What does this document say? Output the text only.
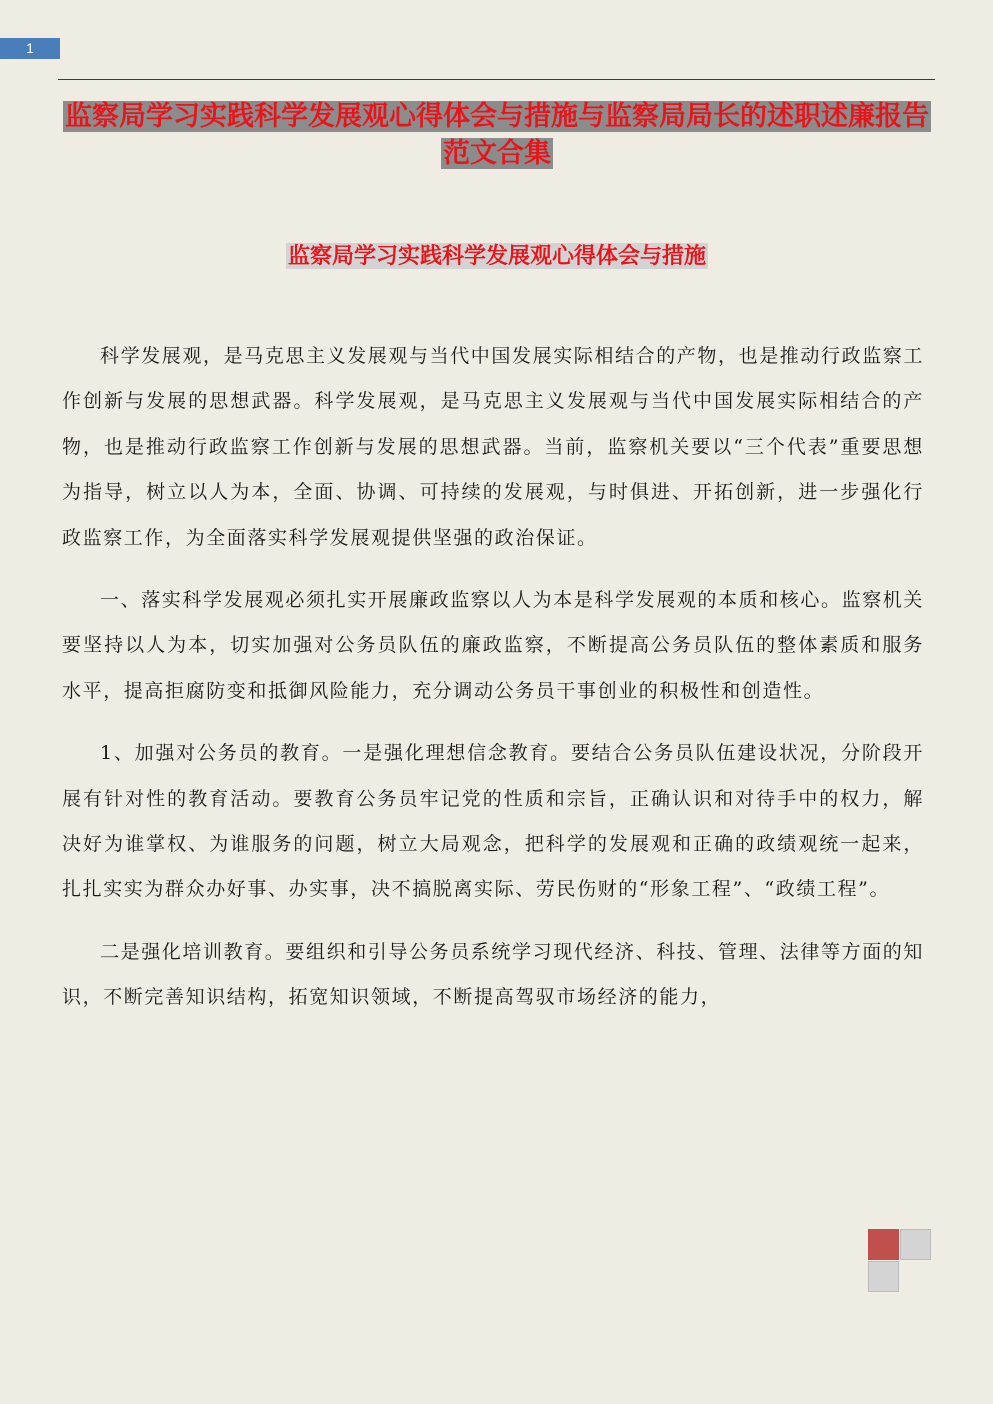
1
监察局学习实践科学发展观心得体会与措施与监察局局长的述职述廉报告范文合集
监察局学习实践科学发展观心得体会与措施

科学发展观，是马克思主义发展观与当代中国发展实际相结合的产物，也是推动行政监察工作创新与发展的思想武器。科学发展观，是马克思主义发展观与当代中国发展实际相结合的产物，也是推动行政监察工作创新与发展的思想武器。当前，监察机关要以“三个代表”重要思想为指导，树立以人为本，全面、协调、可持续的发展观，与时俱进、开拓创新，进一步强化行政监察工作，为全面落实科学发展观提供坚强的政治保证。

一、落实科学发展观必须扎实开展廉政监察以人为本是科学发展观的本质和核心。监察机关要坚持以人为本，切实加强对公务员队伍的廉政监察，不断提高公务员队伍的整体素质和服务水平，提高拒腐防变和抵御风险能力，充分调动公务员干事创业的积极性和创造性。

1、加强对公务员的教育。一是强化理想信念教育。要结合公务员队伍建设状况，分阶段开展有针对性的教育活动。要教育公务员牢记党的性质和宗旨，正确认识和对待手中的权力，解决好为谁掌权、为谁服务的问题，树立大局观念，把科学的发展观和正确的政绩观统一起来，扎扎实实为群众办好事、办实事，决不搞脱离实际、劳民伤财的“形象工程”、“政绩工程”。

二是强化培训教育。要组织和引导公务员系统学习现代经济、科技、管理、法律等方面的知识，不断完善知识结构，拓宽知识领域，不断提高驾驭市场经济的能力，
